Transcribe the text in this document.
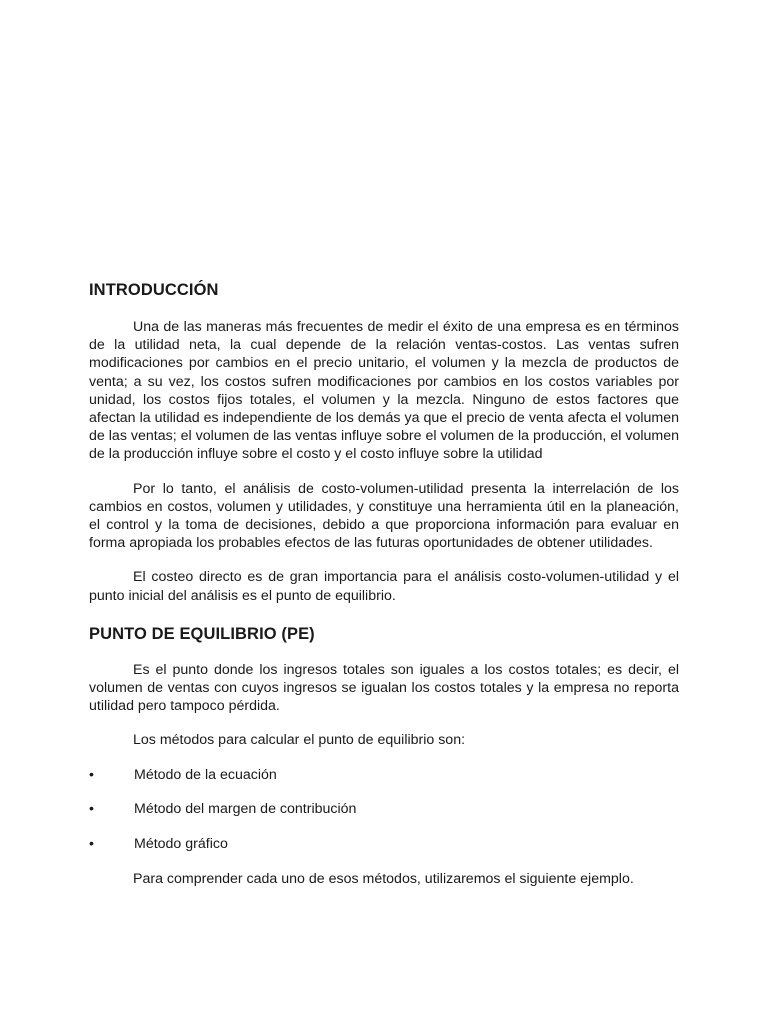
INTRODUCCIÓN

Una de las maneras más frecuentes de medir el éxito de una empresa es en términos de la utilidad neta, la cual depende de la relación ventas-costos. Las ventas sufren modificaciones por cambios en el precio unitario, el volumen y la mezcla de productos de venta; a su vez, los costos sufren modificaciones por cambios en los costos variables por unidad, los costos fijos totales, el volumen y la mezcla. Ninguno de estos factores que afectan la utilidad es independiente de los demás ya que el precio de venta afecta el volumen de las ventas; el volumen de las ventas influye sobre el volumen de la producción, el volumen de la producción influye sobre el costo y el costo influye sobre la utilidad

Por lo tanto, el análisis de costo-volumen-utilidad presenta la interrelación de los cambios en costos, volumen y utilidades, y constituye una herramienta útil en la planeación, el control y la toma de decisiones, debido a que proporciona información para evaluar en forma apropiada los probables efectos de las futuras oportunidades de obtener utilidades.

El costeo directo es de gran importancia para el análisis costo-volumen-utilidad y el punto inicial del análisis es el punto de equilibrio.

PUNTO DE EQUILIBRIO (PE)

Es el punto donde los ingresos totales son iguales a los costos totales; es decir, el volumen de ventas con cuyos ingresos se igualan los costos totales y la empresa no reporta utilidad pero tampoco pérdida.

Los métodos para calcular el punto de equilibrio son:

•	Método de la ecuación
•	Método del margen de contribución
•	Método gráfico

Para comprender cada uno de esos métodos, utilizaremos el siguiente ejemplo.
